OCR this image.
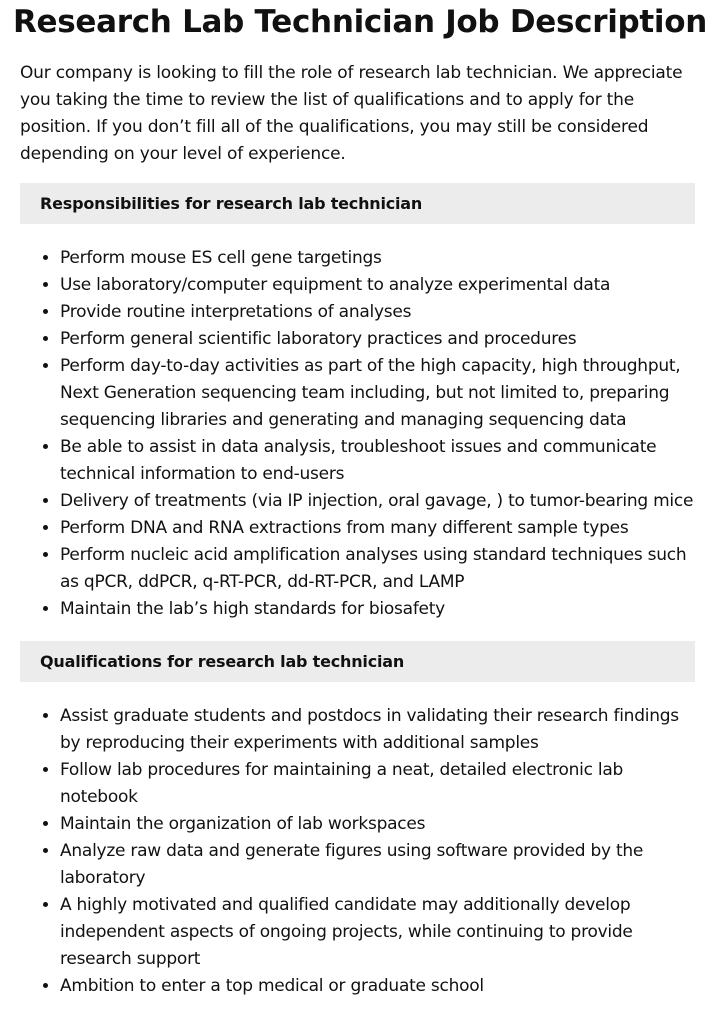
Research Lab Technician Job Description

Our company is looking to fill the role of research lab technician. We appreciate you taking the time to review the list of qualifications and to apply for the position. If you don’t fill all of the qualifications, you may still be considered depending on your level of experience.

Responsibilities for research lab technician
• Perform mouse ES cell gene targetings
• Use laboratory/computer equipment to analyze experimental data
• Provide routine interpretations of analyses
• Perform general scientific laboratory practices and procedures
• Perform day-to-day activities as part of the high capacity, high throughput, Next Generation sequencing team including, but not limited to, preparing sequencing libraries and generating and managing sequencing data
• Be able to assist in data analysis, troubleshoot issues and communicate technical information to end-users
• Delivery of treatments (via IP injection, oral gavage, ) to tumor-bearing mice
• Perform DNA and RNA extractions from many different sample types
• Perform nucleic acid amplification analyses using standard techniques such as qPCR, ddPCR, q-RT-PCR, dd-RT-PCR, and LAMP
• Maintain the lab’s high standards for biosafety
Qualifications for research lab technician
• Assist graduate students and postdocs in validating their research findings by reproducing their experiments with additional samples
• Follow lab procedures for maintaining a neat, detailed electronic lab notebook
• Maintain the organization of lab workspaces
• Analyze raw data and generate figures using software provided by the laboratory
• A highly motivated and qualified candidate may additionally develop independent aspects of ongoing projects, while continuing to provide research support
• Ambition to enter a top medical or graduate school
